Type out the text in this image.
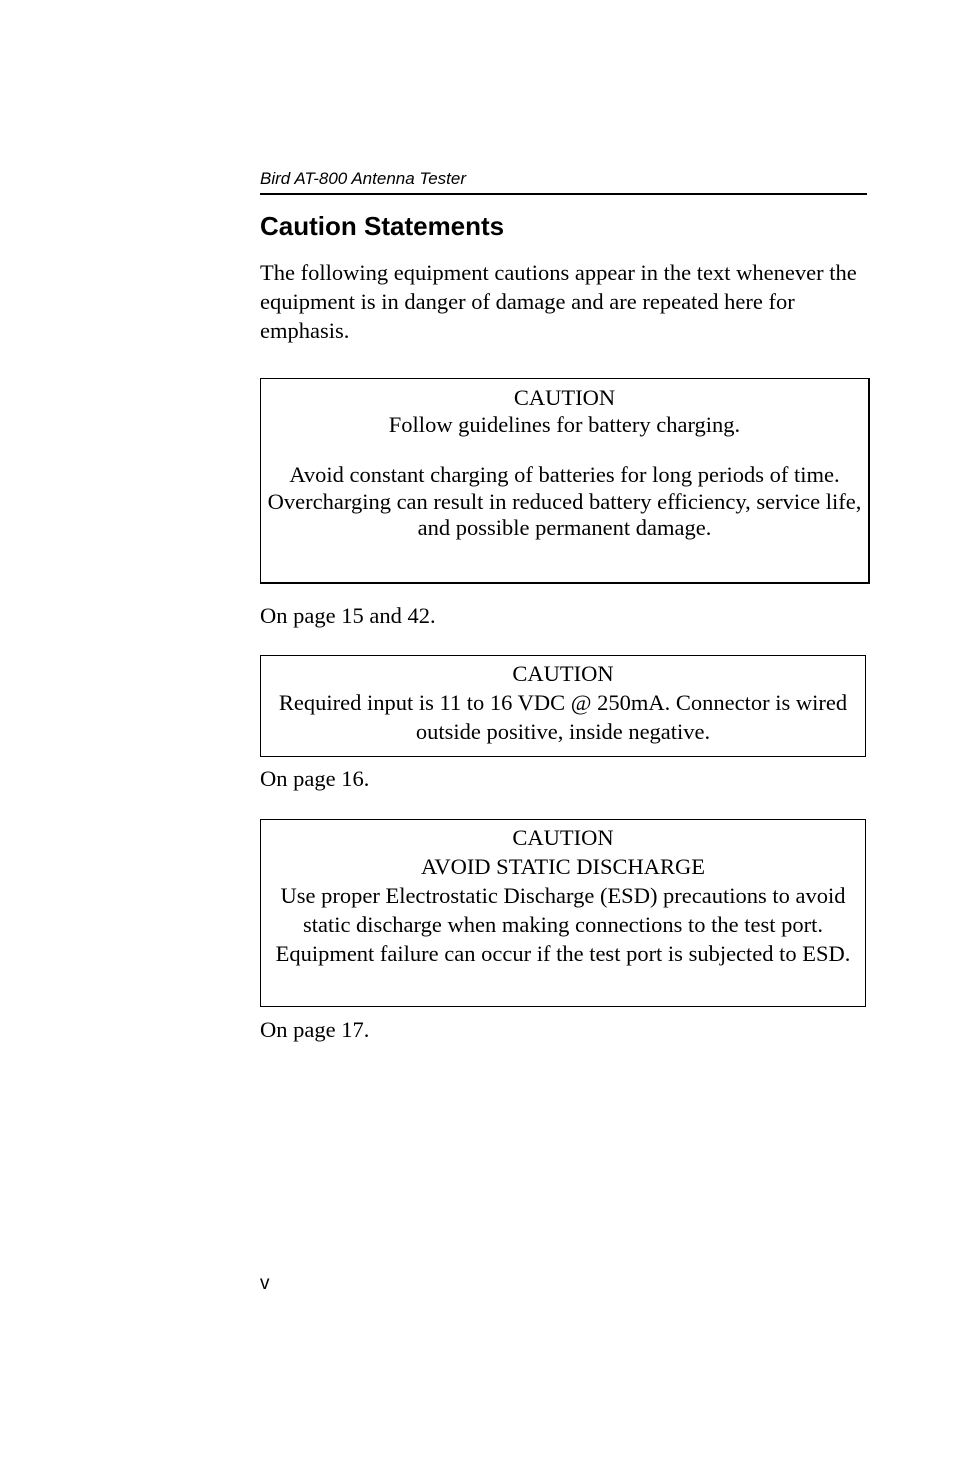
Bird AT-800 Antenna Tester
Caution Statements

The following equipment cautions appear in the text whenever the equipment is in danger of damage and are repeated here for emphasis.

CAUTION

Follow guidelines for battery charging.

Avoid constant charging of batteries for long periods of time. Overcharging can result in reduced battery efficiency, service life, and possible permanent damage.

On page 15 and 42.

CAUTION

Required input is 11 to 16 VDC @ 250mA. Connector is wired outside positive, inside negative.

On page 16.

CAUTION

AVOID STATIC DISCHARGE

Use proper Electrostatic Discharge (ESD) precautions to avoid static discharge when making connections to the test port. Equipment failure can occur if the test port is subjected to ESD.

On page 17.

v
